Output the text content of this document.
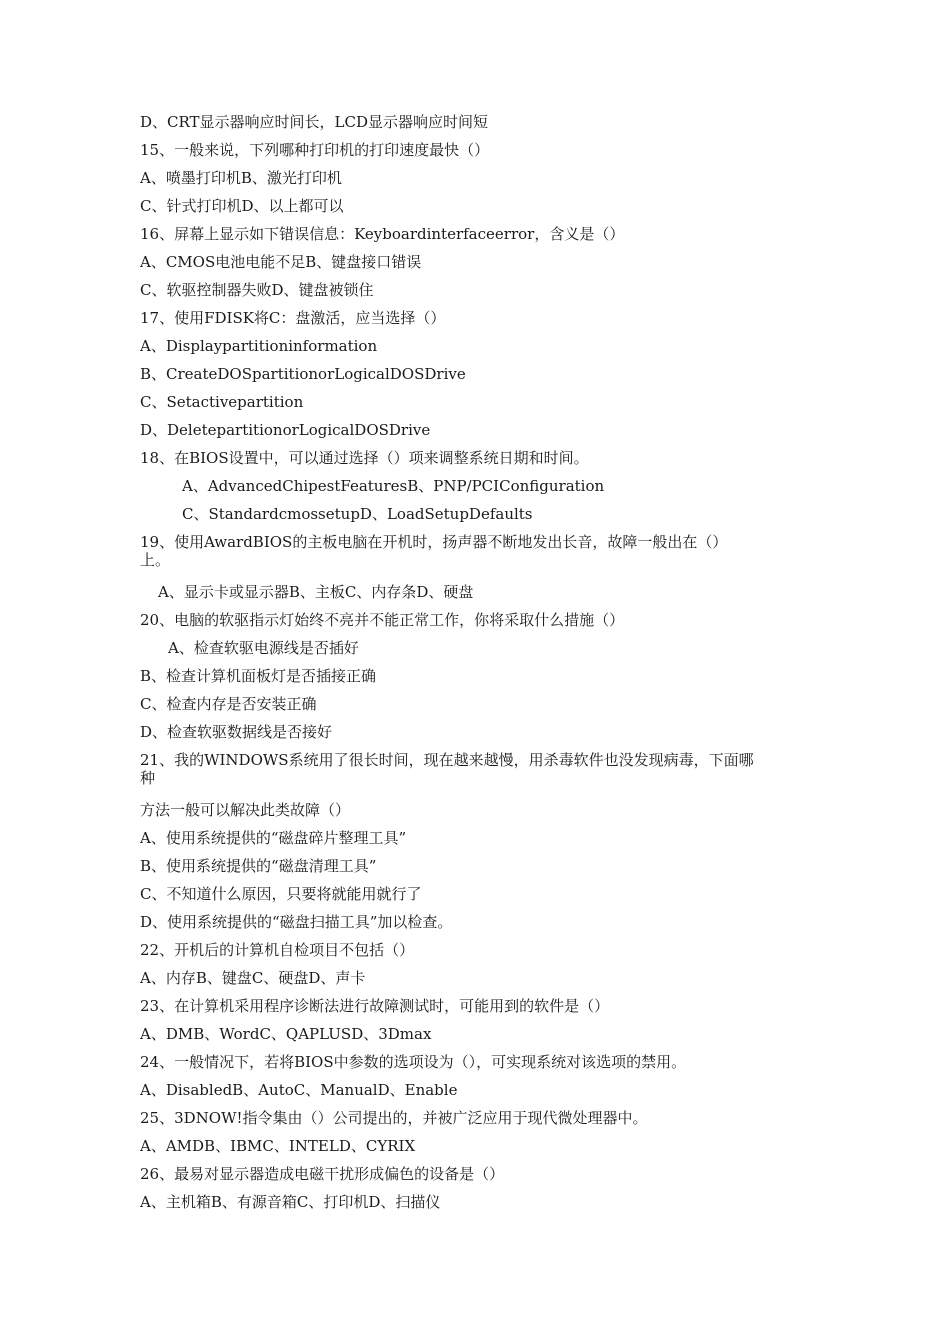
D、CRT显示器响应时间长，LCD显示器响应时间短
15、一般来说，下列哪种打印机的打印速度最快（）
A、喷墨打印机B、激光打印机
C、针式打印机D、以上都可以
16、屏幕上显示如下错误信息：Keyboardinterfaceerror，含义是（）
A、CMOS电池电能不足B、键盘接口错误
C、软驱控制器失败D、键盘被锁住
17、使用FDISK将C：盘激活，应当选择（）
A、Displaypartitioninformation
B、CreateDOSpartitionorLogicalDOSDrive
C、Setactivepartition
D、DeletepartitionorLogicalDOSDrive
18、在BIOS设置中，可以通过选择（）项来调整系统日期和时间。
A、AdvancedChipestFeaturesB、PNP/PCIConfiguration
C、StandardcmossetupD、LoadSetupDefaults
19、使用AwardBIOS的主板电脑在开机时，扬声器不断地发出长音，故障一般出在（）
上。
A、显示卡或显示器B、主板C、内存条D、硬盘
20、电脑的软驱指示灯始终不亮并不能正常工作，你将采取什么措施（）
A、检查软驱电源线是否插好
B、检查计算机面板灯是否插接正确
C、检查内存是否安装正确
D、检查软驱数据线是否接好
21、我的WINDOWS系统用了很长时间，现在越来越慢，用杀毒软件也没发现病毒，下面哪
种
方法一般可以解决此类故障（）
A、使用系统提供的“磁盘碎片整理工具”
B、使用系统提供的“磁盘清理工具”
C、不知道什么原因，只要将就能用就行了
D、使用系统提供的“磁盘扫描工具”加以检查。
22、开机后的计算机自检项目不包括（）
A、内存B、键盘C、硬盘D、声卡
23、在计算机采用程序诊断法进行故障测试时，可能用到的软件是（）
A、DMB、WordC、QAPLUSD、3Dmax
24、一般情况下，若将BIOS中参数的选项设为（），可实现系统对该选项的禁用。
A、DisabledB、AutoC、ManualD、Enable
25、3DNOW!指令集由（）公司提出的，并被广泛应用于现代微处理器中。
A、AMDB、IBMC、INTELD、CYRIX
26、最易对显示器造成电磁干扰形成偏色的设备是（）
A、主机箱B、有源音箱C、打印机D、扫描仪
